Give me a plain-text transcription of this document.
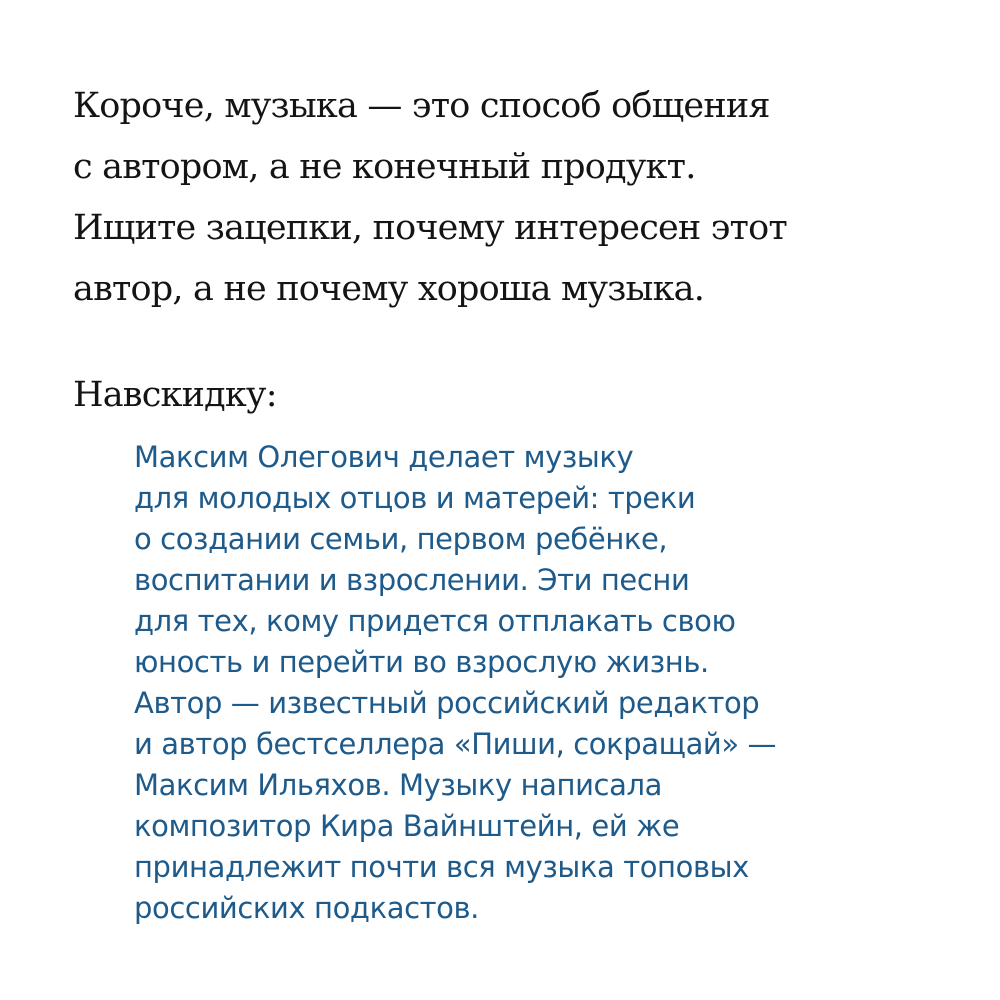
Короче, музыка — это способ общения
с автором, а не конечный продукт.
Ищите зацепки, почему интересен этот
автор, а не почему хороша музыка.

Навскидку:

Максим Олегович делает музыку
для молодых отцов и матерей: треки
о создании семьи, первом ребёнке,
воспитании и взрослении. Эти песни
для тех, кому придется отплакать свою
юность и перейти во взрослую жизнь.
Автор — известный российский редактор
и автор бестселлера «Пиши, сокращай» —
Максим Ильяхов. Музыку написала
композитор Кира Вайнштейн, ей же
принадлежит почти вся музыка топовых
российских подкастов.
